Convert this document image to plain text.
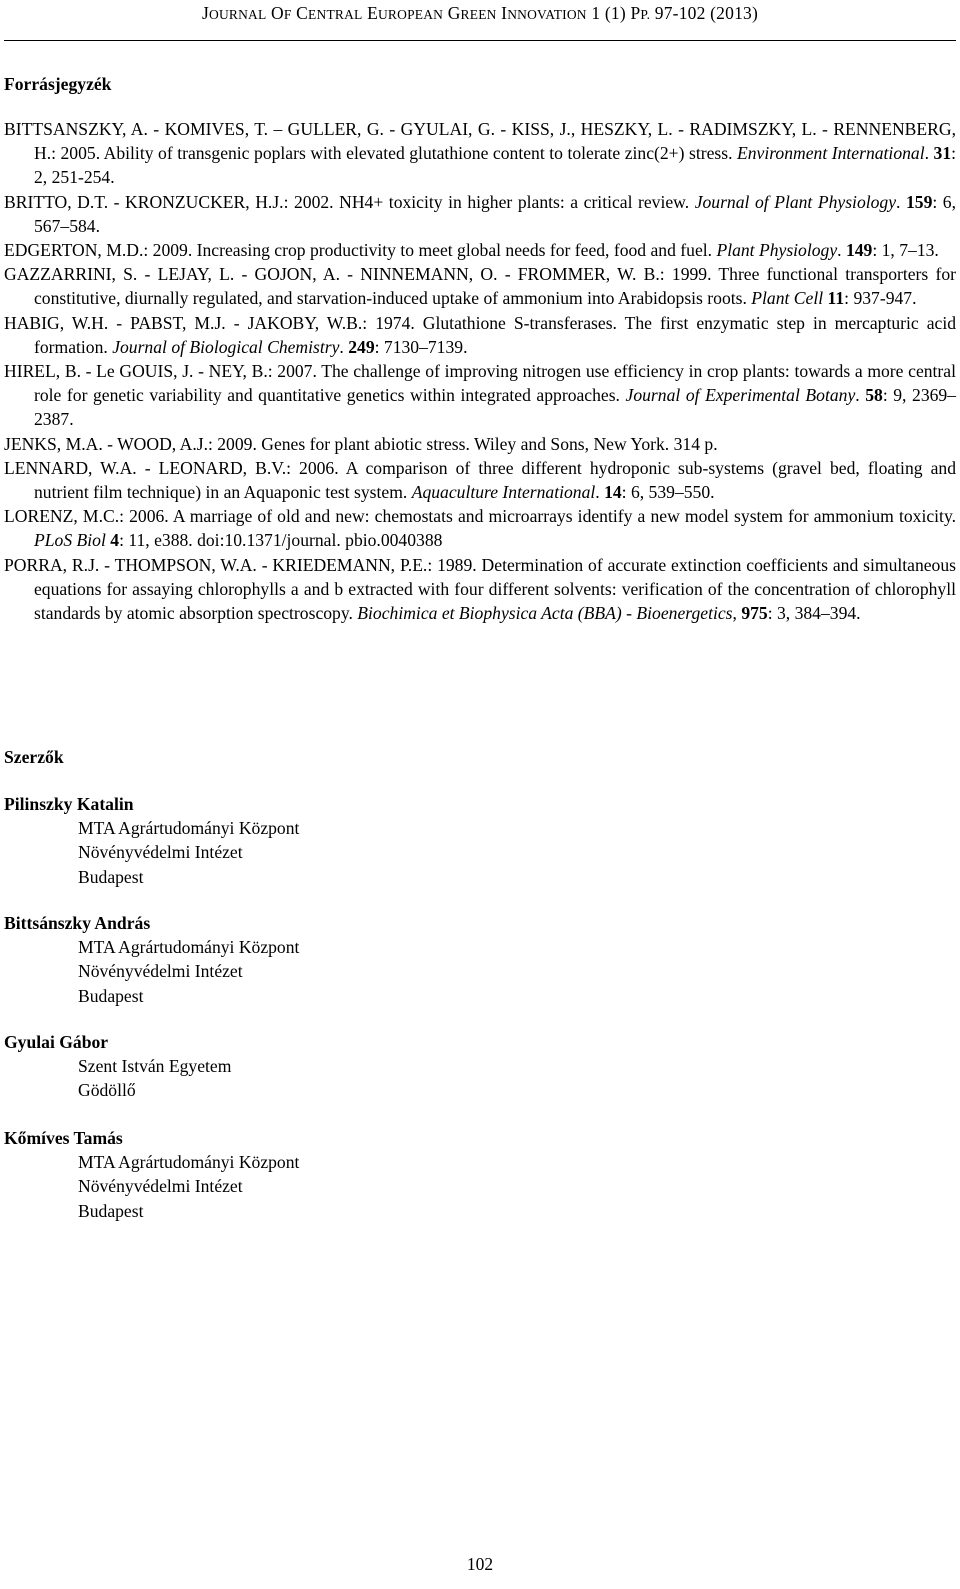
JOURNAL OF CENTRAL EUROPEAN GREEN INNOVATION 1 (1) PP. 97-102 (2013)
Forrásjegyzék
BITTSANSZKY, A. - KOMIVES, T. – GULLER, G. - GYULAI, G. - KISS, J., HESZKY, L. - RADIMSZKY, L. - RENNENBERG, H.: 2005. Ability of transgenic poplars with elevated glutathione content to tolerate zinc(2+) stress. Environment International. 31: 2, 251-254.
BRITTO, D.T. - KRONZUCKER, H.J.: 2002. NH4+ toxicity in higher plants: a critical review. Journal of Plant Physiology. 159: 6, 567–584.
EDGERTON, M.D.: 2009. Increasing crop productivity to meet global needs for feed, food and fuel. Plant Physiology. 149: 1, 7–13.
GAZZARRINI, S. - LEJAY, L. - GOJON, A. - NINNEMANN, O. - FROMMER, W. B.: 1999. Three functional transporters for constitutive, diurnally regulated, and starvation-induced uptake of ammonium into Arabidopsis roots. Plant Cell 11: 937-947.
HABIG, W.H. - PABST, M.J. - JAKOBY, W.B.: 1974. Glutathione S-transferases. The first enzymatic step in mercapturic acid formation. Journal of Biological Chemistry. 249: 7130–7139.
HIREL, B. - Le GOUIS, J. - NEY, B.: 2007. The challenge of improving nitrogen use efficiency in crop plants: towards a more central role for genetic variability and quantitative genetics within integrated approaches. Journal of Experimental Botany. 58: 9, 2369–2387.
JENKS, M.A. - WOOD, A.J.: 2009. Genes for plant abiotic stress. Wiley and Sons, New York. 314 p.
LENNARD, W.A. - LEONARD, B.V.: 2006. A comparison of three different hydroponic sub-systems (gravel bed, floating and nutrient film technique) in an Aquaponic test system. Aquaculture International. 14: 6, 539–550.
LORENZ, M.C.: 2006. A marriage of old and new: chemostats and microarrays identify a new model system for ammonium toxicity. PLoS Biol 4: 11, e388. doi:10.1371/journal. pbio.0040388
PORRA, R.J. - THOMPSON, W.A. - KRIEDEMANN, P.E.: 1989. Determination of accurate extinction coefficients and simultaneous equations for assaying chlorophylls a and b extracted with four different solvents: verification of the concentration of chlorophyll standards by atomic absorption spectroscopy. Biochimica et Biophysica Acta (BBA) - Bioenergetics, 975: 3, 384–394.
Szerzők
Pilinszky Katalin
MTA Agrártudományi Központ
Növényvédelmi Intézet
Budapest
Bittsánszky András
MTA Agrártudományi Központ
Növényvédelmi Intézet
Budapest
Gyulai Gábor
Szent István Egyetem
Gödöllő
Kőmíves Tamás
MTA Agrártudományi Központ
Növényvédelmi Intézet
Budapest
102
